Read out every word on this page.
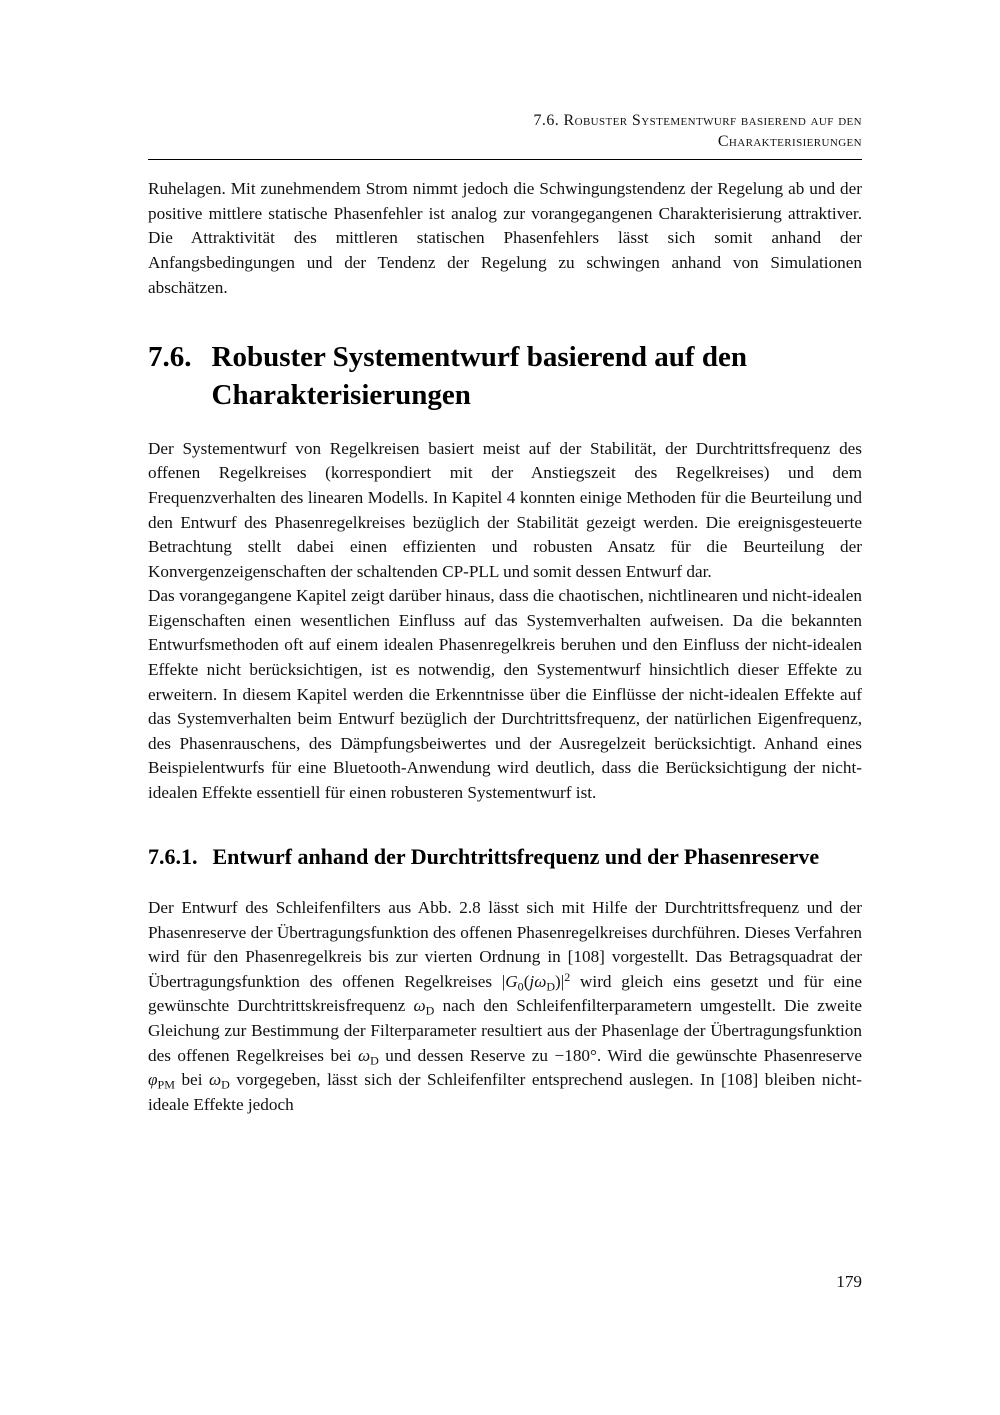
7.6. Robuster Systementwurf basierend auf den
Charakterisierungen

Ruhelagen. Mit zunehmendem Strom nimmt jedoch die Schwingungstendenz der Regelung ab und der positive mittlere statische Phasenfehler ist analog zur vorangegangenen Charakterisierung attraktiver. Die Attraktivität des mittleren statischen Phasenfehlers lässt sich somit anhand der Anfangsbedingungen und der Tendenz der Regelung zu schwingen anhand von Simulationen abschätzen.

7.6. Robuster Systementwurf basierend auf den Charakterisierungen

Der Systementwurf von Regelkreisen basiert meist auf der Stabilität, der Durchtrittsfrequenz des offenen Regelkreises (korrespondiert mit der Anstiegszeit des Regelkreises) und dem Frequenzverhalten des linearen Modells. In Kapitel 4 konnten einige Methoden für die Beurteilung und den Entwurf des Phasenregelkreises bezüglich der Stabilität gezeigt werden. Die ereignisgesteuerte Betrachtung stellt dabei einen effizienten und robusten Ansatz für die Beurteilung der Konvergenzeigenschaften der schaltenden CP-PLL und somit dessen Entwurf dar.

Das vorangegangene Kapitel zeigt darüber hinaus, dass die chaotischen, nichtlinearen und nicht-idealen Eigenschaften einen wesentlichen Einfluss auf das Systemverhalten aufweisen. Da die bekannten Entwurfsmethoden oft auf einem idealen Phasenregelkreis beruhen und den Einfluss der nicht-idealen Effekte nicht berücksichtigen, ist es notwendig, den Systementwurf hinsichtlich dieser Effekte zu erweitern. In diesem Kapitel werden die Erkenntnisse über die Einflüsse der nicht-idealen Effekte auf das Systemverhalten beim Entwurf bezüglich der Durchtrittsfrequenz, der natürlichen Eigenfrequenz, des Phasenrauschens, des Dämpfungsbeiwertes und der Ausregelzeit berücksichtigt. Anhand eines Beispielentwurfs für eine Bluetooth-Anwendung wird deutlich, dass die Berücksichtigung der nicht-idealen Effekte essentiell für einen robusteren Systementwurf ist.

7.6.1. Entwurf anhand der Durchtrittsfrequenz und der Phasenreserve

Der Entwurf des Schleifenfilters aus Abb. 2.8 lässt sich mit Hilfe der Durchtrittsfrequenz und der Phasenreserve der Übertragungsfunktion des offenen Phasenregelkreises durchführen. Dieses Verfahren wird für den Phasenregelkreis bis zur vierten Ordnung in [108] vorgestellt. Das Betragsquadrat der Übertragungsfunktion des offenen Regelkreises $|G0(j\omega D)|^2$ wird gleich eins gesetzt und für eine gewünschte Durchtrittskreisfrequenz ωD nach den Schleifenfilterparametern umgestellt. Die zweite Gleichung zur Bestimmung der Filterparameter resultiert aus der Phasenlage der Übertragungsfunktion des offenen Regelkreises bei ωD und dessen Reserve zu −180°. Wird die gewünschte Phasenreserve φPM bei ωD vorgegeben, lässt sich der Schleifenfilter entsprechend auslegen. In [108] bleiben nicht-ideale Effekte jedoch

179
